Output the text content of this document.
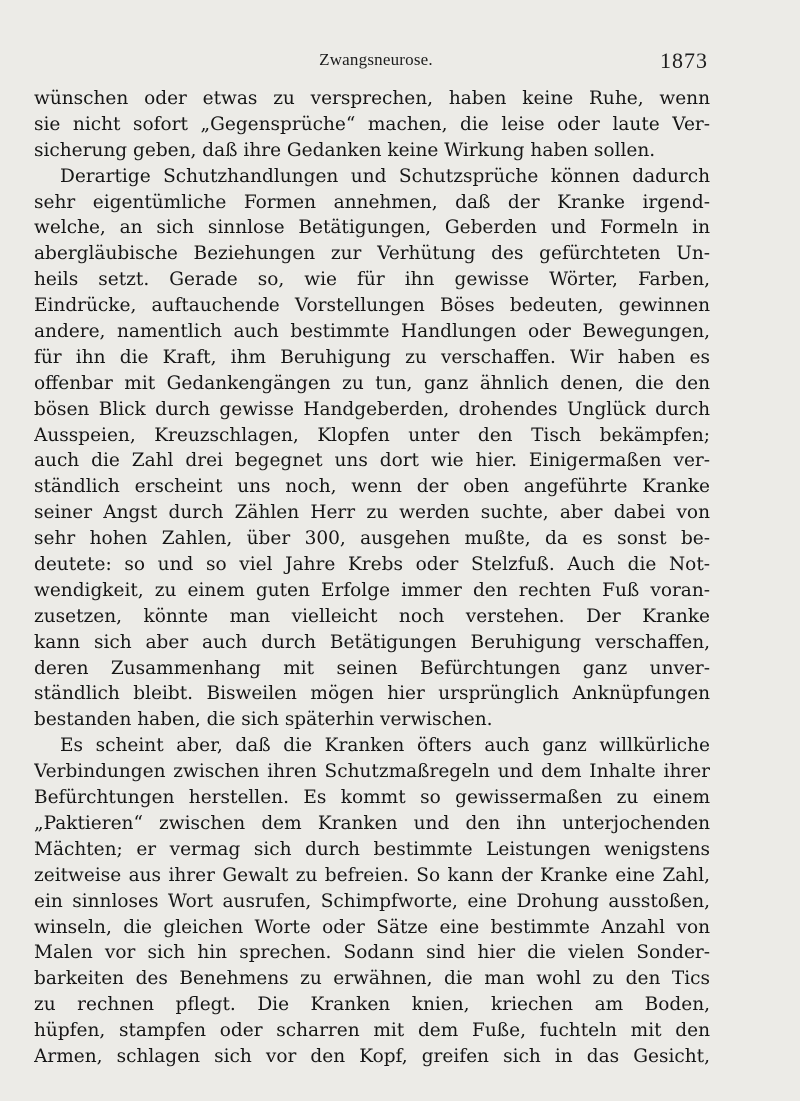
Zwangsneurose.	1873
wünschen oder etwas zu versprechen, haben keine Ruhe, wenn
sie nicht sofort „Gegensprüche“ machen, die leise oder laute Ver-
sicherung geben, daß ihre Gedanken keine Wirkung haben sollen.
Derartige Schutzhandlungen und Schutzsprüche können dadurch
sehr eigentümliche Formen annehmen, daß der Kranke irgend-
welche, an sich sinnlose Betätigungen, Geberden und Formeln in
abergläubische Beziehungen zur Verhütung des gefürchteten Un-
heils setzt. Gerade so, wie für ihn gewisse Wörter, Farben,
Eindrücke, auftauchende Vorstellungen Böses bedeuten, gewinnen
andere, namentlich auch bestimmte Handlungen oder Bewegungen,
für ihn die Kraft, ihm Beruhigung zu verschaffen. Wir haben es
offenbar mit Gedankengängen zu tun, ganz ähnlich denen, die den
bösen Blick durch gewisse Handgeberden, drohendes Unglück durch
Ausspeien, Kreuzschlagen, Klopfen unter den Tisch bekämpfen;
auch die Zahl drei begegnet uns dort wie hier. Einigermaßen ver-
ständlich erscheint uns noch, wenn der oben angeführte Kranke
seiner Angst durch Zählen Herr zu werden suchte, aber dabei von
sehr hohen Zahlen, über 300, ausgehen mußte, da es sonst be-
deutete: so und so viel Jahre Krebs oder Stelzfuß. Auch die Not-
wendigkeit, zu einem guten Erfolge immer den rechten Fuß voran-
zusetzen, könnte man vielleicht noch verstehen. Der Kranke
kann sich aber auch durch Betätigungen Beruhigung verschaffen,
deren Zusammenhang mit seinen Befürchtungen ganz unver-
ständlich bleibt. Bisweilen mögen hier ursprünglich Anknüpfungen
bestanden haben, die sich späterhin verwischen.
Es scheint aber, daß die Kranken öfters auch ganz willkürliche
Verbindungen zwischen ihren Schutzmaßregeln und dem Inhalte ihrer
Befürchtungen herstellen. Es kommt so gewissermaßen zu einem
„Paktieren“ zwischen dem Kranken und den ihn unterjochenden
Mächten; er vermag sich durch bestimmte Leistungen wenigstens
zeitweise aus ihrer Gewalt zu befreien. So kann der Kranke eine Zahl,
ein sinnloses Wort ausrufen, Schimpfworte, eine Drohung ausstoßen,
winseln, die gleichen Worte oder Sätze eine bestimmte Anzahl von
Malen vor sich hin sprechen. Sodann sind hier die vielen Sonder-
barkeiten des Benehmens zu erwähnen, die man wohl zu den Tics
zu rechnen pflegt. Die Kranken knien, kriechen am Boden,
hüpfen, stampfen oder scharren mit dem Fuße, fuchteln mit den
Armen, schlagen sich vor den Kopf, greifen sich in das Gesicht,
